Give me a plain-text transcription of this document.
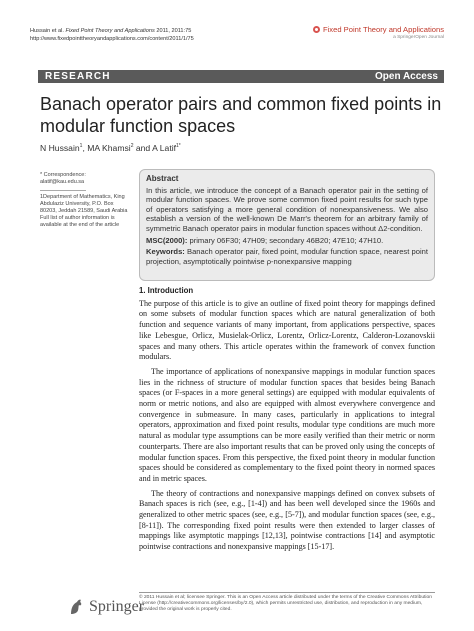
Hussain et al. Fixed Point Theory and Applications 2011, 2011:75
http://www.fixedpointtheoryandapplications.com/content/2011/1/75
Fixed Point Theory and Applications
a SpringerOpen Journal
RESEARCH	Open Access
Banach operator pairs and common fixed points in modular function spaces
N Hussain$^1$, MA Khamsi$^2$ and A Latif$^{1*}$
* Correspondence: alatif@kau.edu.sa
1Department of Mathematics, King Abdulaziz University, P.O. Box 80203, Jeddah 21589, Saudi Arabia
Full list of author information is available at the end of the article
Abstract

In this article, we introduce the concept of a Banach operator pair in the setting of modular function spaces. We prove some common fixed point results for such type of operators satisfying a more general condition of nonexpansiveness. We also establish a version of the well-known De Marr's theorem for an arbitrary family of symmetric Banach operator pairs in modular function spaces without Δ2-condition.

MSC(2000): primary 06F30; 47H09; secondary 46B20; 47E10; 47H10.

Keywords: Banach operator pair, fixed point, modular function space, nearest point projection, asymptotically pointwise ρ-nonexpansive mapping

1. Introduction

The purpose of this article is to give an outline of fixed point theory for mappings defined on some subsets of modular function spaces which are natural generalization of both function and sequence variants of many important, from applications perspective, spaces like Lebesgue, Orlicz, Musielak-Orlicz, Lorentz, Orlicz-Lorentz, Calderon-Lozanovskii spaces and many others. This article operates within the framework of convex function modulars.

The importance of applications of nonexpansive mappings in modular function spaces lies in the richness of structure of modular function spaces that besides being Banach spaces (or F-spaces in a more general settings) are equipped with modular equivalents of norm or metric notions, and also are equipped with almost everywhere convergence and convergence in submeasure. In many cases, particularly in applications to integral operators, approximation and fixed point results, modular type conditions are much more natural as modular type assumptions can be more easily verified than their metric or norm counterparts. There are also important results that can be proved only using the concepts of modular function spaces. From this perspective, the fixed point theory in modular function spaces should be considered as complementary to the fixed point theory in normed spaces and in metric spaces.

The theory of contractions and nonexpansive mappings defined on convex subsets of Banach spaces is rich (see, e.g., [1-4]) and has been well developed since the 1960s and generalized to other metric spaces (see, e.g., [5-7]), and modular function spaces (see, e.g., [8-11]). The corresponding fixed point results were then extended to larger classes of mappings like asymptotic mappings [12,13], pointwise contractions [14] and asymptotic pointwise contractions and nonexpansive mappings [15-17].

Springer
© 2011 Hussain et al; licensee Springer. This is an Open Access article distributed under the terms of the Creative Commons Attribution License (http://creativecommons.org/licenses/by/2.0), which permits unrestricted use, distribution, and reproduction in any medium, provided the original work is properly cited.
